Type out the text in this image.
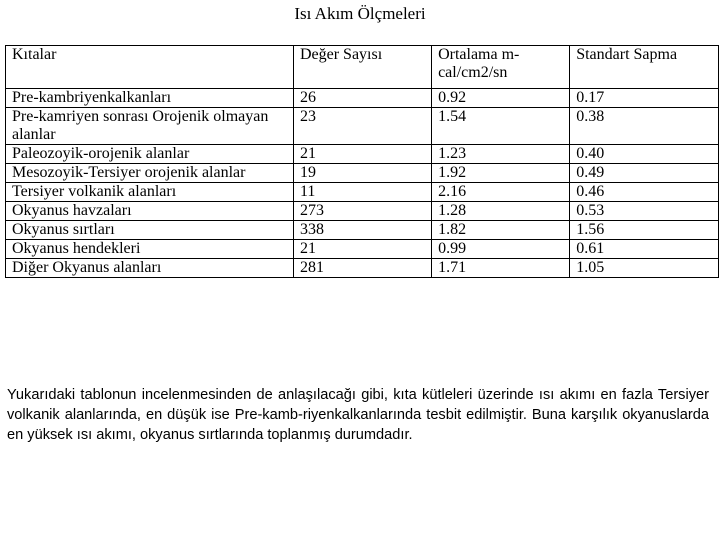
Isı Akım Ölçmeleri
Kıtalar	Değer Sayısı	Ortalama m-cal/cm2/sn	Standart Sapma
Pre-kambriyenkalkanları	26	0.92	0.17
Pre-kamriyen sonrası Orojenik olmayan alanlar	23	1.54	0.38
Paleozoyik-orojenik alanlar	21	1.23	0.40
Mesozoyik-Tersiyer orojenik alanlar	19	1.92	0.49
Tersiyer volkanik alanları	11	2.16	0.46
Okyanus havzaları	273	1.28	0.53
Okyanus sırtları	338	1.82	1.56
Okyanus hendekleri	21	0.99	0.61
Diğer Okyanus alanları	281	1.71	1.05

Yukarıdaki tablonun incelenmesinden de anlaşılacağı gibi, kıta kütleleri üzerinde ısı akımı en fazla Tersiyer volkanik alanlarında, en düşük ise Pre-kamb-riyenkalkanlarında tesbit edilmiştir. Buna karşılık okyanuslarda en yüksek ısı akımı, okyanus sırtlarında toplanmış durumdadır.
